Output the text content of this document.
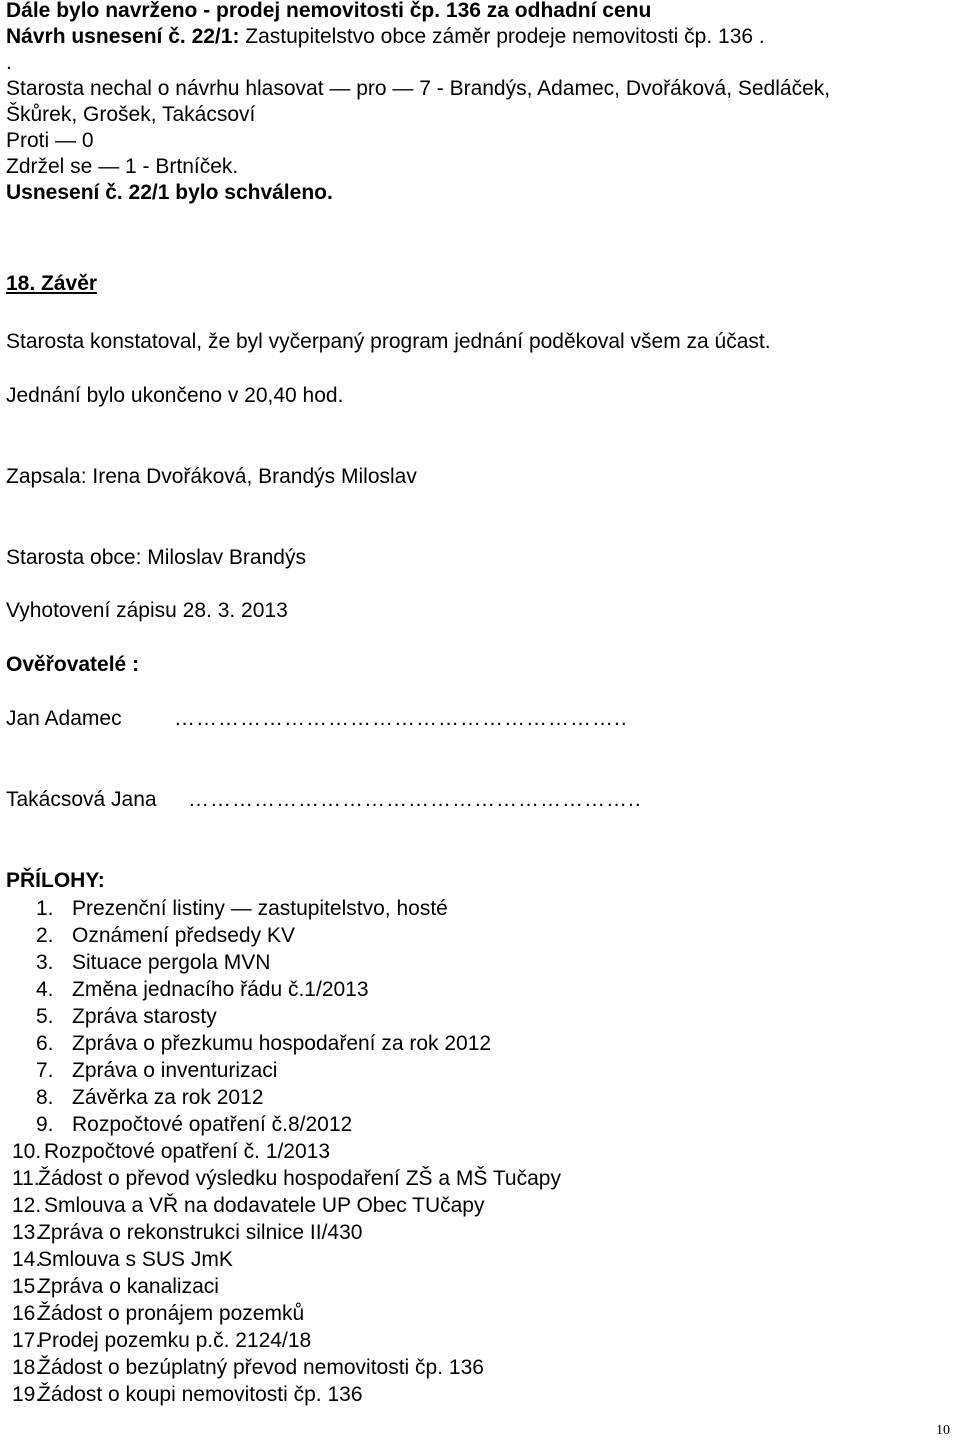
Dále bylo navrženo - prodej nemovitosti čp. 136 za odhadní cenu
Návrh usnesení č. 22/1: Zastupitelstvo obce záměr prodeje nemovitosti čp. 136 .
.
Starosta nechal o návrhu hlasovat — pro — 7 - Brandýs, Adamec, Dvořáková, Sedláček,
Škůrek, Grošek, Takácsoví
Proti — 0
Zdržel se — 1 - Brtníček.
Usnesení č. 22/1 bylo schváleno.
18. Závěr
Starosta konstatoval, že byl vyčerpaný program jednání poděkoval všem za účast.
Jednání bylo ukončeno v 20,40 hod.
Zapsala: Irena Dvořáková, Brandýs Miloslav
Starosta obce: Miloslav Brandýs
Vyhotovení zápisu 28. 3. 2013
Ověřovatelé :
Jan Adamec ……………………………………………………..
Takácsová Jana ……………………………………………………..
PŘÍLOHY:
1. Prezenční listiny — zastupitelstvo, hosté
2. Oznámení předsedy KV
3. Situace pergola MVN
4. Změna jednacího řádu č.1/2013
5. Zpráva starosty
6. Zpráva o přezkumu hospodaření za rok 2012
7. Zpráva o inventurizaci
8. Závěrka za rok 2012
9. Rozpočtové opatření č.8/2012
10. Rozpočtové opatření č. 1/2013
11.
Žádost o převod výsledku hospodaření ZŠ a MŠ Tučapy
12. Smlouva a VŘ na dodavatele UP Obec TUčapy
13.
Zpráva o rekonstrukci silnice II/430
14.
Smlouva s SUS JmK
15.
Zpráva o kanalizaci
16.
Žádost o pronájem pozemků
17.
Prodej pozemku p.č. 2124/18
18.
Žádost o bezúplatný převod nemovitosti čp. 136
19.
Žádost o koupi nemovitosti čp. 136
10
